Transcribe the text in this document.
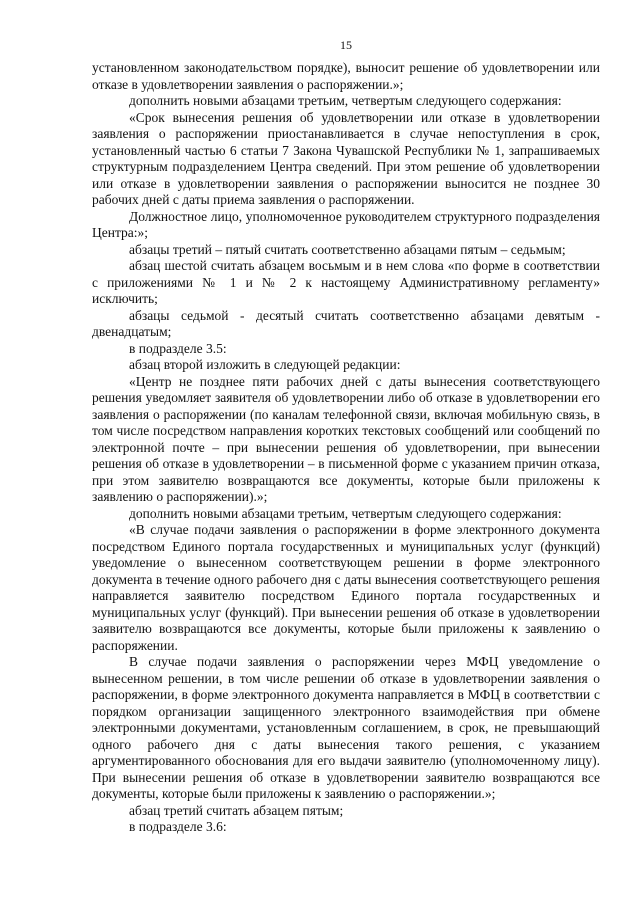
15

установленном законодательством порядке), выносит решение об удовлетворении или отказе в удовлетворении заявления о распоряжении.»;

дополнить новыми абзацами третьим, четвертым следующего содержания:

«Срок вынесения решения об удовлетворении или отказе в удовлетворении заявления о распоряжении приостанавливается в случае непоступления в срок, установленный частью 6 статьи 7 Закона Чувашской Республики № 1, запрашиваемых структурным подразделением Центра сведений. При этом решение об удовлетворении или отказе в удовлетворении заявления о распоряжении выносится не позднее 30 рабочих дней с даты приема заявления о распоряжении.

Должностное лицо, уполномоченное руководителем структурного подразделения Центра:»;

абзацы третий – пятый считать соответственно абзацами пятым – седьмым;

абзац шестой считать абзацем восьмым и в нем слова «по форме в соответствии с приложениями № 1 и № 2 к настоящему Административному регламенту» исключить;

абзацы седьмой - десятый считать соответственно абзацами девятым - двенадцатым;

в подразделе 3.5:

абзац второй изложить в следующей редакции:

«Центр не позднее пяти рабочих дней с даты вынесения соответствующего решения уведомляет заявителя об удовлетворении либо об отказе в удовлетворении его заявления о распоряжении (по каналам телефонной связи, включая мобильную связь, в том числе посредством направления коротких текстовых сообщений или сообщений по электронной почте – при вынесении решения об удовлетворении, при вынесении решения об отказе в удовлетворении – в письменной форме с указанием причин отказа, при этом заявителю возвращаются все документы, которые были приложены к заявлению о распоряжении).»;

дополнить новыми абзацами третьим, четвертым следующего содержания:

«В случае подачи заявления о распоряжении в форме электронного документа посредством Единого портала государственных и муниципальных услуг (функций) уведомление о вынесенном соответствующем решении в форме электронного документа в течение одного рабочего дня с даты вынесения соответствующего решения направляется заявителю посредством Единого портала государственных и муниципальных услуг (функций). При вынесении решения об отказе в удовлетворении заявителю возвращаются все документы, которые были приложены к заявлению о распоряжении.

В случае подачи заявления о распоряжении через МФЦ уведомление о вынесенном решении, в том числе решении об отказе в удовлетворении заявления о распоряжении, в форме электронного документа направляется в МФЦ в соответствии с порядком организации защищенного электронного взаимодействия при обмене электронными документами, установленным соглашением, в срок, не превышающий одного рабочего дня с даты вынесения такого решения, с указанием аргументированного обоснования для его выдачи заявителю (уполномоченному лицу). При вынесении решения об отказе в удовлетворении заявителю возвращаются все документы, которые были приложены к заявлению о распоряжении.»;

абзац третий считать абзацем пятым;

в подразделе 3.6:
